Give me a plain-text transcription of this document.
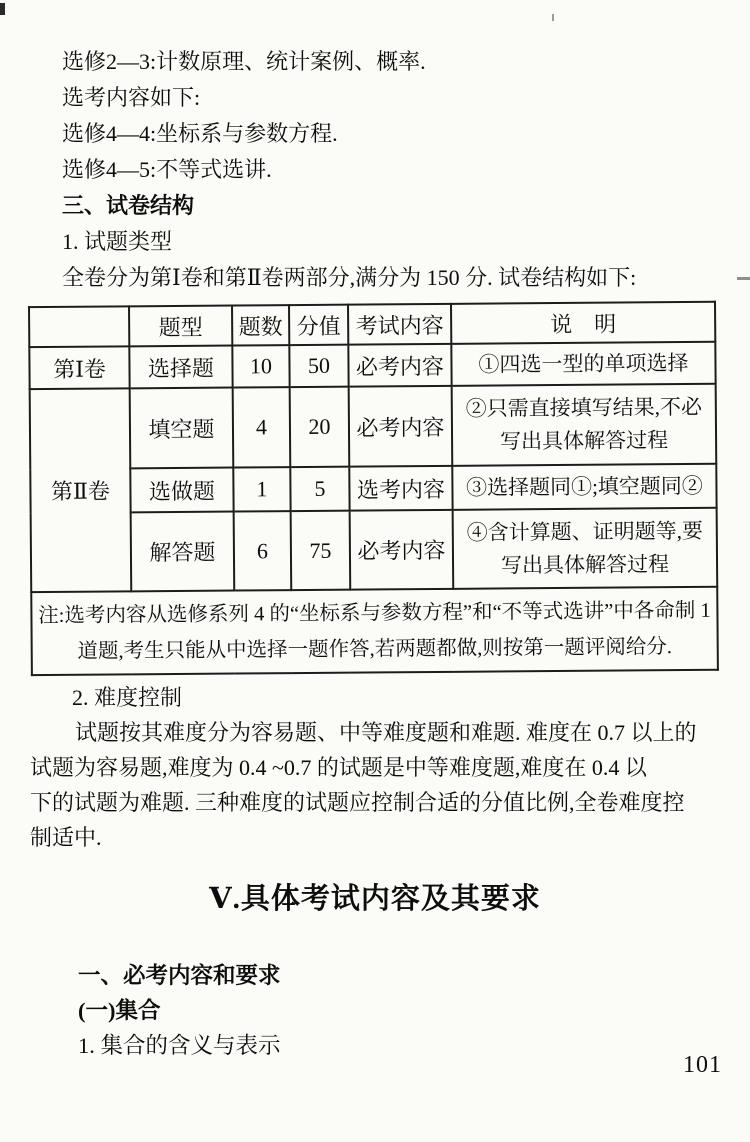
选修2—3:计数原理、统计案例、概率.
选考内容如下:
选修4—4:坐标系与参数方程.
选修4—5:不等式选讲.
三、试卷结构
1. 试题类型
全卷分为第Ⅰ卷和第Ⅱ卷两部分,满分为 150 分. 试卷结构如下:
	题型	题数	分值	考试内容	说　明
第Ⅰ卷	选择题	10	50	必考内容	①四选一型的单项选择
第Ⅱ卷	填空题	4	20	必考内容	②只需直接填写结果,不必写出具体解答过程
	选做题	1	5	选考内容	③选择题同①;填空题同②
	解答题	6	75	必考内容	④含计算题、证明题等,要写出具体解答过程
注:选考内容从选修系列 4 的“坐标系与参数方程”和“不等式选讲”中各命制 1 道题,考生只能从中选择一题作答,若两题都做,则按第一题评阅给分.					
2. 难度控制
试题按其难度分为容易题、中等难度题和难题. 难度在 0.7 以上的
试题为容易题,难度为 0.4 ~0.7 的试题是中等难度题,难度在 0.4 以
下的试题为难题. 三种难度的试题应控制合适的分值比例,全卷难度控
制适中.
Ⅴ.具体考试内容及其要求
一、必考内容和要求
(一)集合
1. 集合的含义与表示
101
